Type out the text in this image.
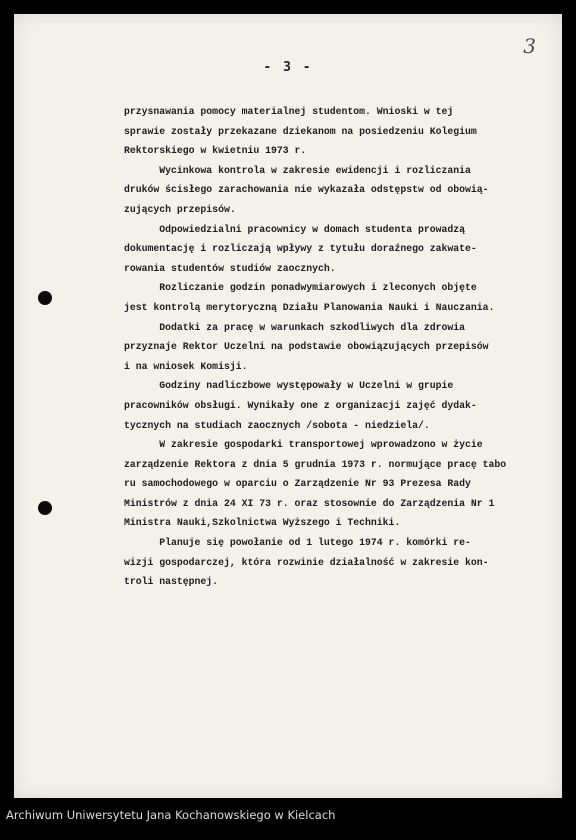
3
- 3 -
przysnawania pomocy materialnej studentom. Wnioski w tej
sprawie zostały przekazane dziekanom na posiedzeniu Kolegium
Rektorskiego w kwietniu 1973 r.
Wycinkowa kontrola w zakresie ewidencji i rozliczania
druków ścisłego zarachowania nie wykazała odstępstw od obowią-
zujących przepisów.
Odpowiedzialni pracownicy w domach studenta prowadzą
dokumentację i rozliczają wpływy z tytułu doraźnego zakwate-
rowania studentów studiów zaocznych.
Rozliczanie godzin ponadwymiarowych i zleconych objęte
jest kontrolą merytoryczną Działu Planowania Nauki i Nauczania.
Dodatki za pracę w warunkach szkodliwych dla zdrowia
przyznaje Rektor Uczelni na podstawie obowiązujących przepisów
i na wniosek Komisji.
Godziny nadliczbowe występowały w Uczelni w grupie
pracowników obsługi. Wynikały one z organizacji zajęć dydak-
tycznych na studiach zaocznych /sobota - niedziela/.
W zakresie gospodarki transportowej wprowadzono w życie
zarządzenie Rektora z dnia 5 grudnia 1973 r. normujące pracę tabo
ru samochodowego w oparciu o Zarządzenie Nr 93 Prezesa Rady
Ministrów z dnia 24 XI 73 r. oraz stosownie do Zarządzenia Nr 1
Ministra Nauki,Szkolnictwa Wyższego i Techniki.
Planuje się powołanie od 1 lutego 1974 r. komórki re-
wizji gospodarczej, która rozwinie działalność w zakresie kon-
troli następnej.
Archiwum Uniwersytetu Jana Kochanowskiego w Kielcach
